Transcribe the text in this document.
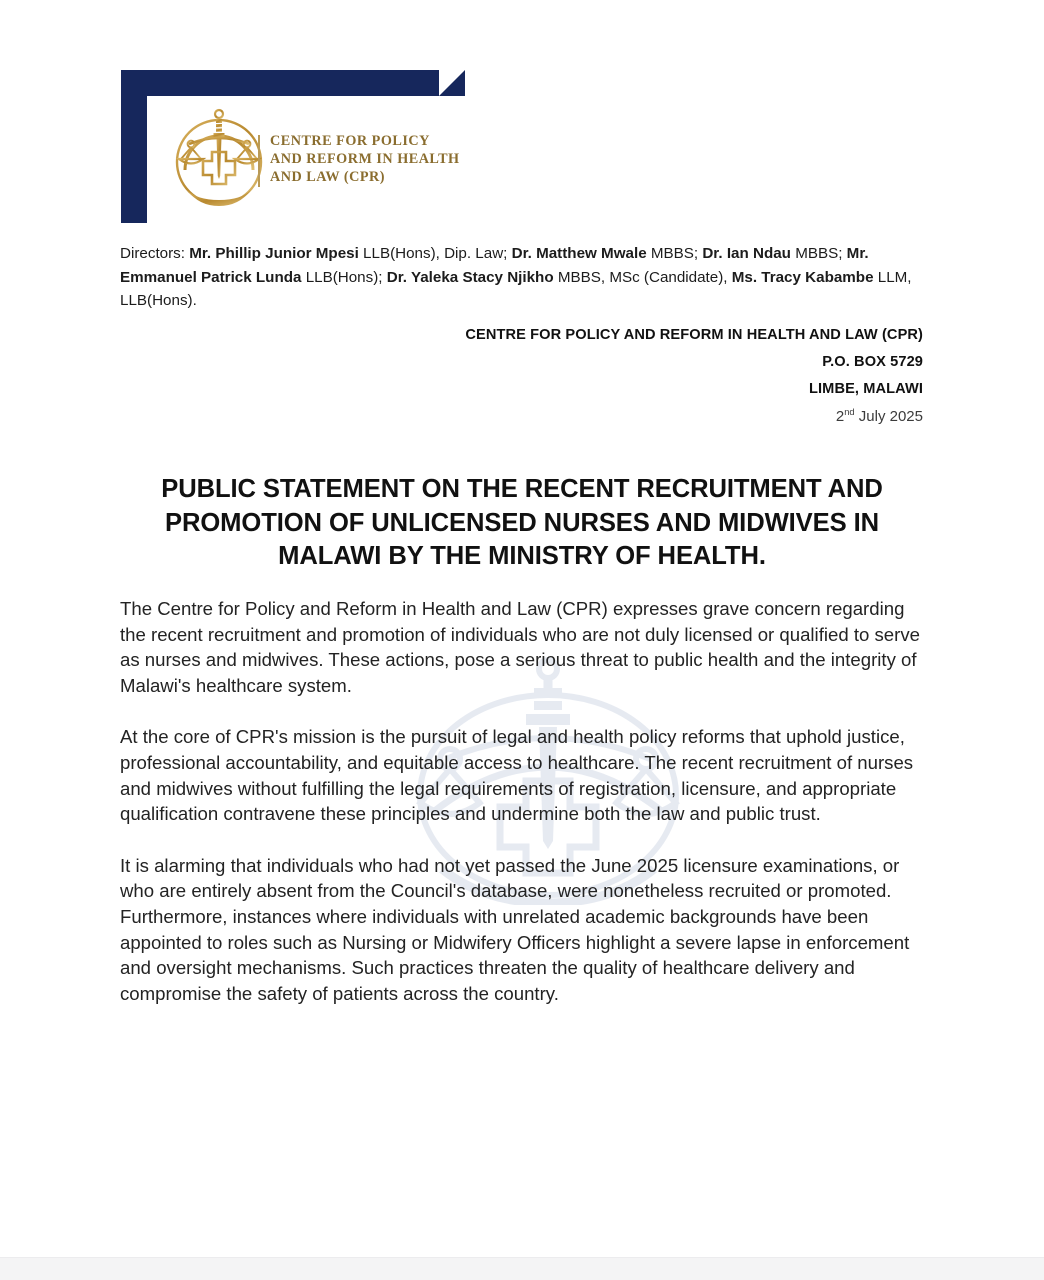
CENTRE FOR POLICY
AND REFORM IN HEALTH
AND LAW (CPR)
Directors: Mr. Phillip Junior Mpesi LLB(Hons), Dip. Law; Dr. Matthew Mwale MBBS; Dr. Ian Ndau MBBS; Mr. Emmanuel Patrick Lunda LLB(Hons); Dr. Yaleka Stacy Njikho MBBS, MSc (Candidate), Ms. Tracy Kabambe LLM, LLB(Hons).
CENTRE FOR POLICY AND REFORM IN HEALTH AND LAW (CPR)
P.O. BOX 5729
LIMBE, MALAWI
2nd July 2025
PUBLIC STATEMENT ON THE RECENT RECRUITMENT AND
PROMOTION OF UNLICENSED NURSES AND MIDWIVES IN
MALAWI BY THE MINISTRY OF HEALTH.

The Centre for Policy and Reform in Health and Law (CPR) expresses grave concern regarding the recent recruitment and promotion of individuals who are not duly licensed or qualified to serve as nurses and midwives. These actions, pose a serious threat to public health and the integrity of Malawi's healthcare system.

At the core of CPR's mission is the pursuit of legal and health policy reforms that uphold justice, professional accountability, and equitable access to healthcare. The recent recruitment of nurses and midwives without fulfilling the legal requirements of registration, licensure, and appropriate qualification contravene these principles and undermine both the law and public trust.

It is alarming that individuals who had not yet passed the June 2025 licensure examinations, or who are entirely absent from the Council's database, were nonetheless recruited or promoted. Furthermore, instances where individuals with unrelated academic backgrounds have been appointed to roles such as Nursing or Midwifery Officers highlight a severe lapse in enforcement and oversight mechanisms. Such practices threaten the quality of healthcare delivery and compromise the safety of patients across the country.
